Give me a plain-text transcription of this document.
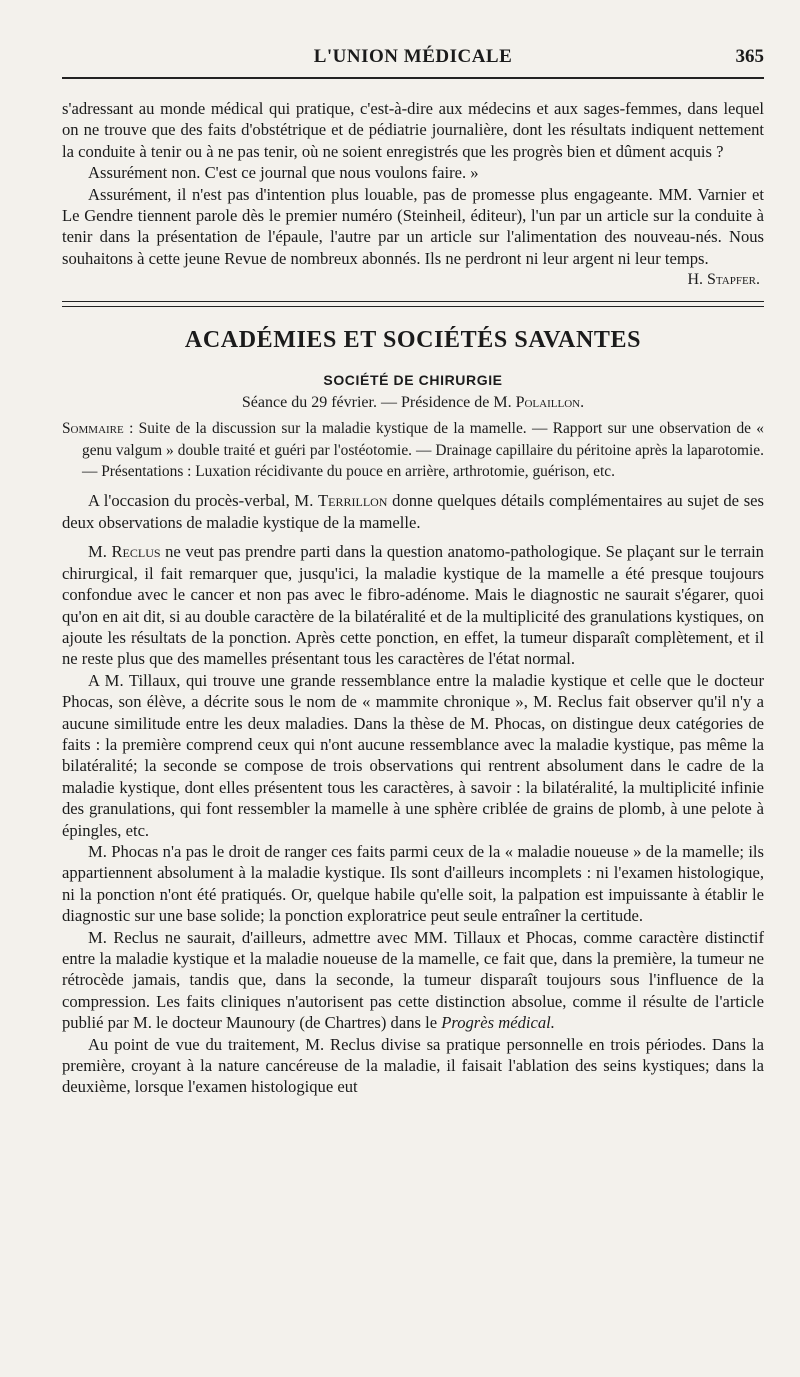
L'UNION MÉDICALE	365

s'adressant au monde médical qui pratique, c'est-à-dire aux médecins et aux sages-femmes, dans lequel on ne trouve que des faits d'obstétrique et de pédiatrie journalière, dont les résultats indiquent nettement la conduite à tenir ou à ne pas tenir, où ne soient enregistrés que les progrès bien et dûment acquis ?

Assurément non. C'est ce journal que nous voulons faire. »

Assurément, il n'est pas d'intention plus louable, pas de promesse plus engageante. MM. Varnier et Le Gendre tiennent parole dès le premier numéro (Steinheil, éditeur), l'un par un article sur la conduite à tenir dans la présentation de l'épaule, l'autre par un article sur l'alimentation des nouveau-nés. Nous souhaitons à cette jeune Revue de nombreux abonnés. Ils ne perdront ni leur argent ni leur temps.

H. Stapfer.
ACADÉMIES ET SOCIÉTÉS SAVANTES
SOCIÉTÉ DE CHIRURGIE
Séance du 29 février. — Présidence de M. Polaillon.

Sommaire : Suite de la discussion sur la maladie kystique de la mamelle. — Rapport sur une observation de « genu valgum » double traité et guéri par l'ostéotomie. — Drainage capillaire du péritoine après la laparotomie. — Présentations : Luxation récidivante du pouce en arrière, arthrotomie, guérison, etc.

A l'occasion du procès-verbal, M. Terrillon donne quelques détails complémentaires au sujet de ses deux observations de maladie kystique de la mamelle.

M. Reclus ne veut pas prendre parti dans la question anatomo-pathologique. Se plaçant sur le terrain chirurgical, il fait remarquer que, jusqu'ici, la maladie kystique de la mamelle a été presque toujours confondue avec le cancer et non pas avec le fibro-adénome. Mais le diagnostic ne saurait s'égarer, quoi qu'on en ait dit, si au double caractère de la bilatéralité et de la multiplicité des granulations kystiques, on ajoute les résultats de la ponction. Après cette ponction, en effet, la tumeur disparaît complètement, et il ne reste plus que des mamelles présentant tous les caractères de l'état normal.

A M. Tillaux, qui trouve une grande ressemblance entre la maladie kystique et celle que le docteur Phocas, son élève, a décrite sous le nom de « mammite chronique », M. Reclus fait observer qu'il n'y a aucune similitude entre les deux maladies. Dans la thèse de M. Phocas, on distingue deux catégories de faits : la première comprend ceux qui n'ont aucune ressemblance avec la maladie kystique, pas même la bilatéralité; la seconde se compose de trois observations qui rentrent absolument dans le cadre de la maladie kystique, dont elles présentent tous les caractères, à savoir : la bilatéralité, la multiplicité infinie des granulations, qui font ressembler la mamelle à une sphère criblée de grains de plomb, à une pelote à épingles, etc.

M. Phocas n'a pas le droit de ranger ces faits parmi ceux de la « maladie noueuse » de la mamelle; ils appartiennent absolument à la maladie kystique. Ils sont d'ailleurs incomplets : ni l'examen histologique, ni la ponction n'ont été pratiqués. Or, quelque habile qu'elle soit, la palpation est impuissante à établir le diagnostic sur une base solide; la ponction exploratrice peut seule entraîner la certitude.

M. Reclus ne saurait, d'ailleurs, admettre avec MM. Tillaux et Phocas, comme caractère distinctif entre la maladie kystique et la maladie noueuse de la mamelle, ce fait que, dans la première, la tumeur ne rétrocède jamais, tandis que, dans la seconde, la tumeur disparaît toujours sous l'influence de la compression. Les faits cliniques n'autorisent pas cette distinction absolue, comme il résulte de l'article publié par M. le docteur Maunoury (de Chartres) dans le Progrès médical.

Au point de vue du traitement, M. Reclus divise sa pratique personnelle en trois périodes. Dans la première, croyant à la nature cancéreuse de la maladie, il faisait l'ablation des seins kystiques; dans la deuxième, lorsque l'examen histologique eut
